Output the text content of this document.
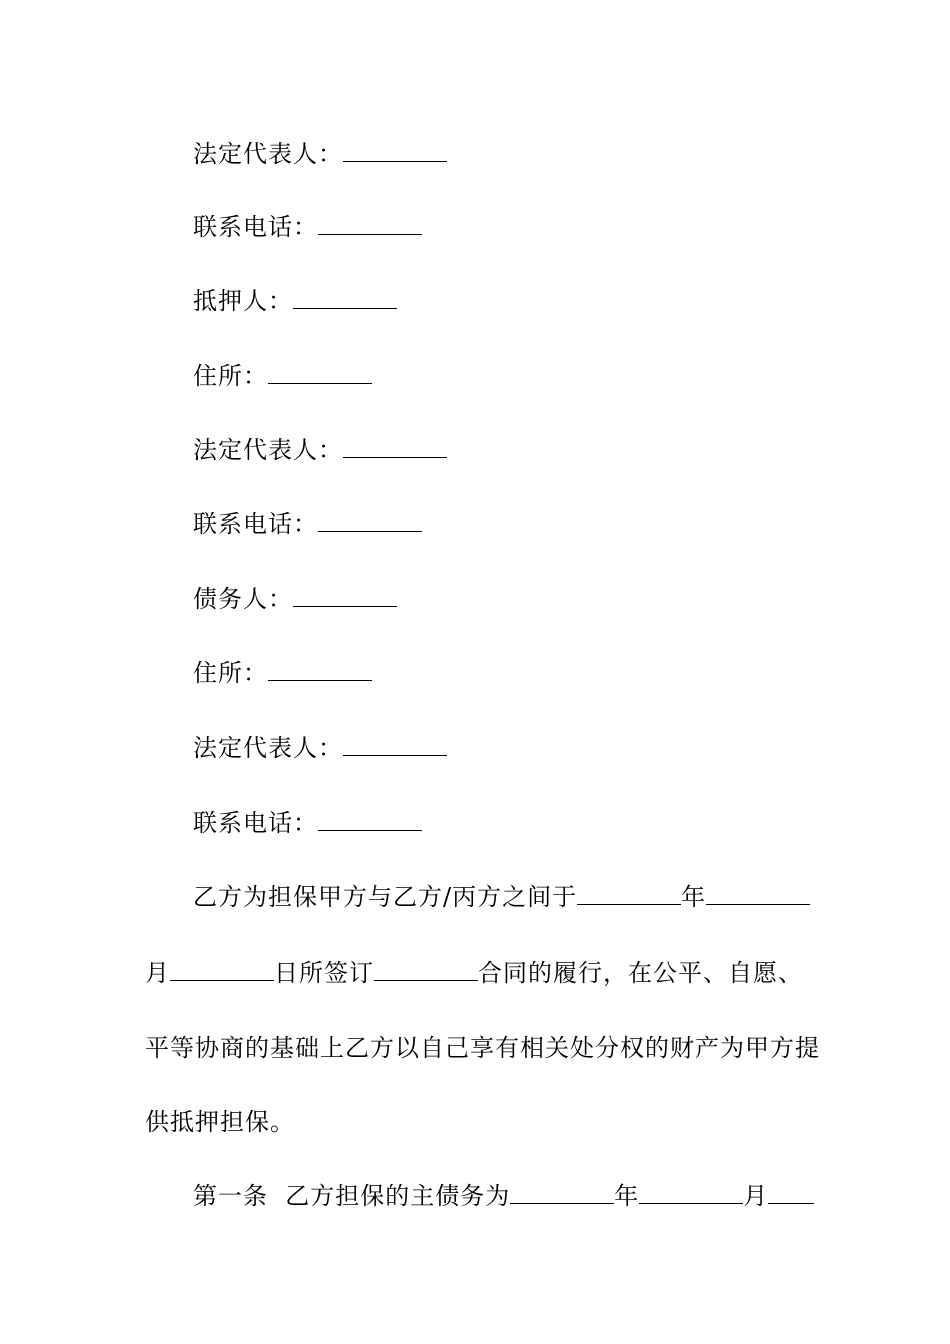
法定代表人：
联系电话：
抵押人：
住所：
法定代表人：
联系电话：
债务人：
住所：
法定代表人：
联系电话：
乙方为担保甲方与乙方/丙方之间于	年
月	日所签订	合同的履行，在公平、自愿、
平等协商的基础上乙方以自己享有相关处分权的财产为甲方提
供抵押担保。
第一条  乙方担保的主债务为	年	月
